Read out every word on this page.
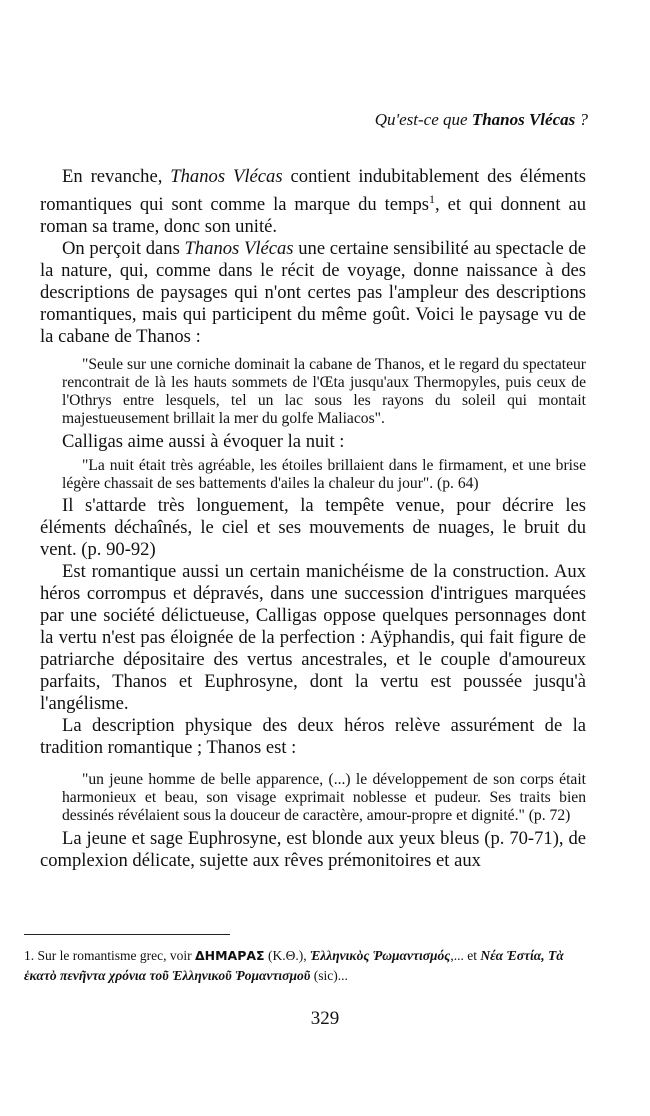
Qu'est-ce que Thanos Vlécas ?

En revanche, Thanos Vlécas contient indubitablement des éléments romantiques qui sont comme la marque du temps$^1$, et qui donnent au roman sa trame, donc son unité.

On perçoit dans Thanos Vlécas une certaine sensibilité au spectacle de la nature, qui, comme dans le récit de voyage, donne naissance à des descriptions de paysages qui n'ont certes pas l'ampleur des descriptions romantiques, mais qui participent du même goût. Voici le paysage vu de la cabane de Thanos :

"Seule sur une corniche dominait la cabane de Thanos, et le regard du spectateur rencontrait de là les hauts sommets de l'Œta jusqu'aux Thermopyles, puis ceux de l'Othrys entre lesquels, tel un lac sous les rayons du soleil qui montait majestueusement brillait la mer du golfe Maliacos".

Calligas aime aussi à évoquer la nuit :

"La nuit était très agréable, les étoiles brillaient dans le firmament, et une brise légère chassait de ses battements d'ailes la chaleur du jour". (p. 64)

Il s'attarde très longuement, la tempête venue, pour décrire les éléments déchaînés, le ciel et ses mouvements de nuages, le bruit du vent. (p. 90-92)

Est romantique aussi un certain manichéisme de la construction. Aux héros corrompus et dépravés, dans une succession d'intrigues marquées par une société délictueuse, Calligas oppose quelques personnages dont la vertu n'est pas éloignée de la perfection : Aÿphandis, qui fait figure de patriarche dépositaire des vertus ancestrales, et le couple d'amoureux parfaits, Thanos et Euphrosyne, dont la vertu est poussée jusqu'à l'angélisme.

La description physique des deux héros relève assurément de la tradition romantique ; Thanos est :

"un jeune homme de belle apparence, (...) le développement de son corps était harmonieux et beau, son visage exprimait noblesse et pudeur. Ses traits bien dessinés révélaient sous la douceur de caractère, amour-propre et dignité." (p. 72)

La jeune et sage Euphrosyne, est blonde aux yeux bleus (p. 70-71), de complexion délicate, sujette aux rêves prémonitoires et aux

1. Sur le romantisme grec, voir ΔΗΜΑΡΑΣ (Κ.Θ.), Ἑλληνικὸς Ῥωμαντισμός,... et Νέα Ἑστία, Τὰ ἑκατὸ πενῆντα χρόνια τοῦ Ἑλληνικοῦ Ῥομαντισμοῦ (sic)...
329
